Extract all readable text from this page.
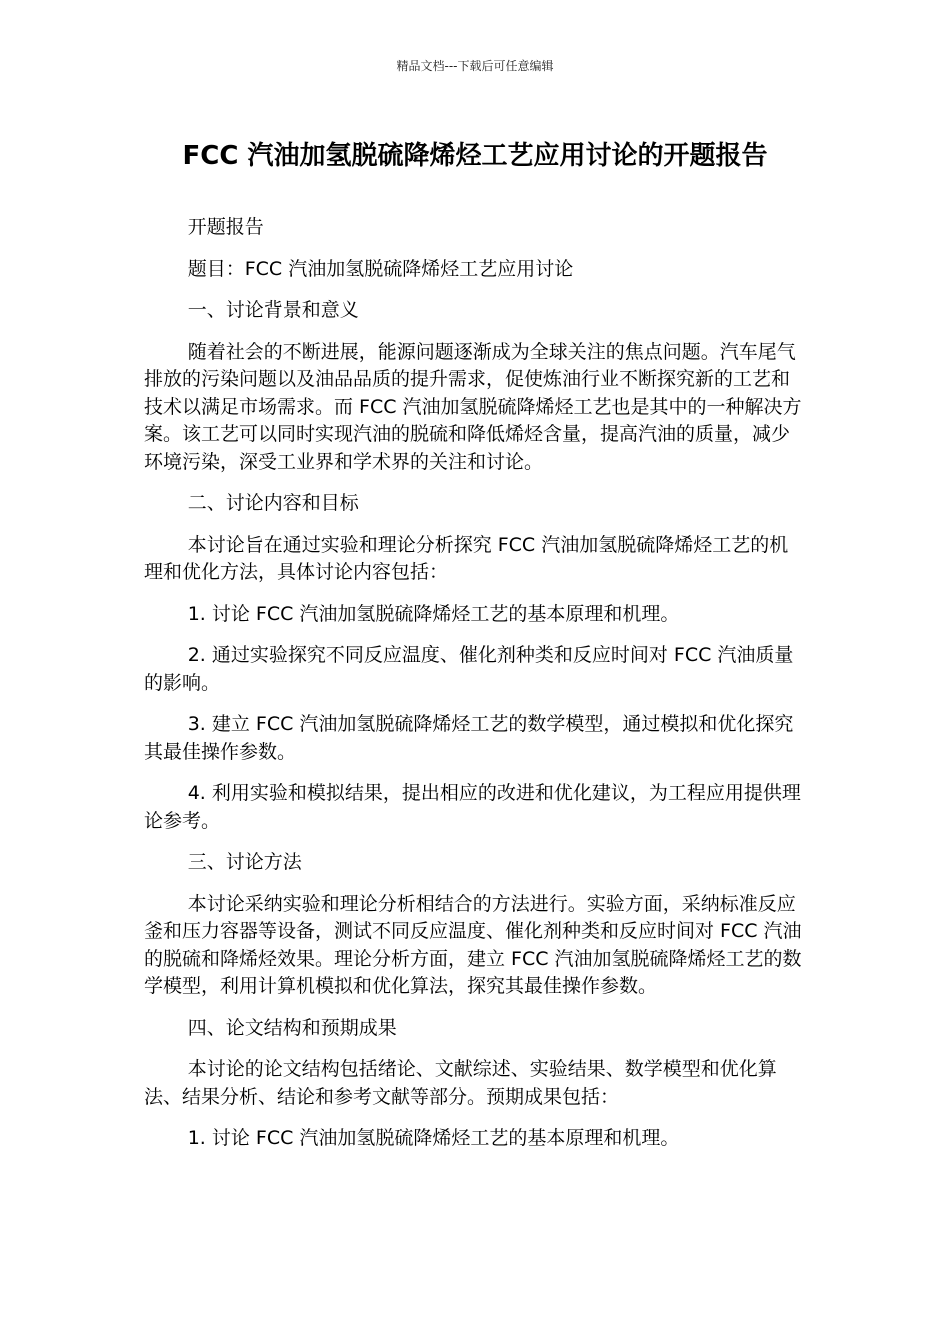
精品文档---下载后可任意编辑
FCC 汽油加氢脱硫降烯烃工艺应用讨论的开题报告

开题报告

题目：FCC 汽油加氢脱硫降烯烃工艺应用讨论

一、讨论背景和意义

随着社会的不断进展，能源问题逐渐成为全球关注的焦点问题。汽车尾气排放的污染问题以及油品品质的提升需求，促使炼油行业不断探究新的工艺和技术以满足市场需求。而 FCC 汽油加氢脱硫降烯烃工艺也是其中的一种解决方案。该工艺可以同时实现汽油的脱硫和降低烯烃含量，提高汽油的质量，减少环境污染，深受工业界和学术界的关注和讨论。

二、讨论内容和目标

本讨论旨在通过实验和理论分析探究 FCC 汽油加氢脱硫降烯烃工艺的机理和优化方法，具体讨论内容包括：

1. 讨论 FCC 汽油加氢脱硫降烯烃工艺的基本原理和机理。

2. 通过实验探究不同反应温度、催化剂种类和反应时间对 FCC 汽油质量的影响。

3. 建立 FCC 汽油加氢脱硫降烯烃工艺的数学模型，通过模拟和优化探究其最佳操作参数。

4. 利用实验和模拟结果，提出相应的改进和优化建议，为工程应用提供理论参考。

三、讨论方法

本讨论采纳实验和理论分析相结合的方法进行。实验方面，采纳标准反应釜和压力容器等设备，测试不同反应温度、催化剂种类和反应时间对 FCC 汽油的脱硫和降烯烃效果。理论分析方面，建立 FCC 汽油加氢脱硫降烯烃工艺的数学模型，利用计算机模拟和优化算法，探究其最佳操作参数。

四、论文结构和预期成果

本讨论的论文结构包括绪论、文献综述、实验结果、数学模型和优化算法、结果分析、结论和参考文献等部分。预期成果包括：

1. 讨论 FCC 汽油加氢脱硫降烯烃工艺的基本原理和机理。
